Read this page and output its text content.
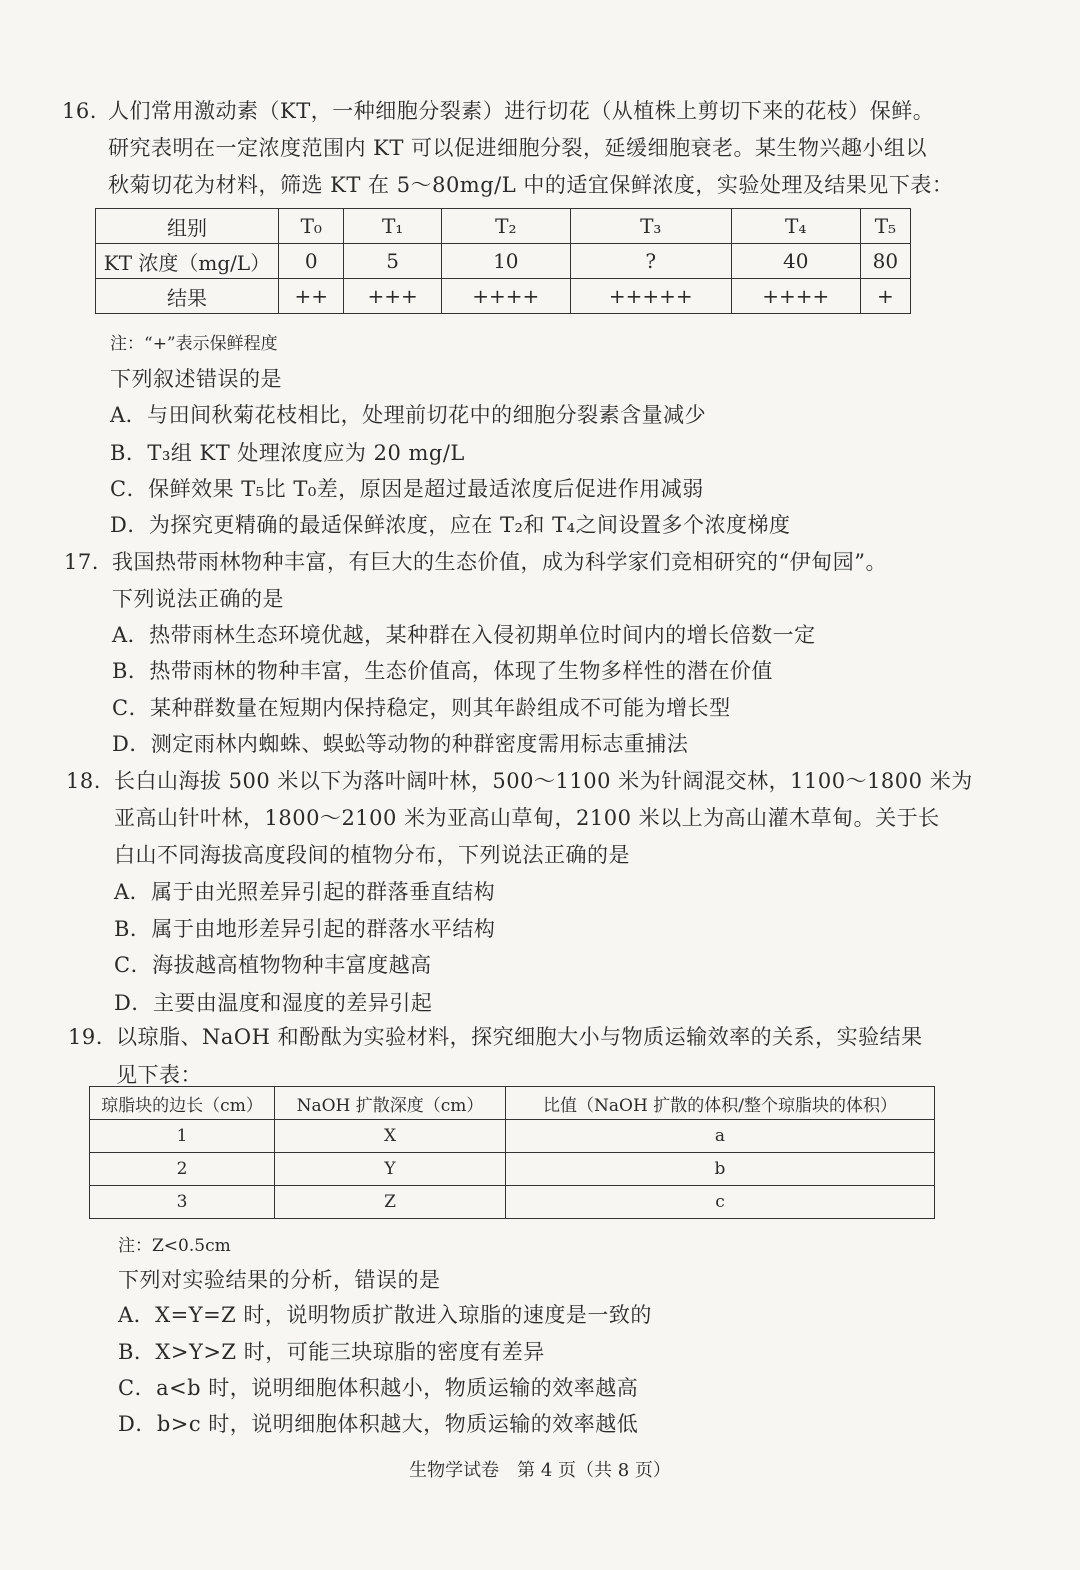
16. 人们常用激动素（KT，一种细胞分裂素）进行切花（从植株上剪切下来的花枝）保鲜。
研究表明在一定浓度范围内 KT 可以促进细胞分裂，延缓细胞衰老。某生物兴趣小组以
秋菊切花为材料，筛选 KT 在 5～80mg/L 中的适宜保鲜浓度，实验处理及结果见下表：
组别	T₀	T₁	T₂	T₃	T₄	T₅
KT 浓度（mg/L）	0	5	10	?	40	80
结果	++	+++	++++	+++++	++++	+
注：“+”表示保鲜程度
下列叙述错误的是
A．与田间秋菊花枝相比，处理前切花中的细胞分裂素含量减少
B．T₃组 KT 处理浓度应为 20 mg/L
C．保鲜效果 T₅比 T₀差，原因是超过最适浓度后促进作用减弱
D．为探究更精确的最适保鲜浓度，应在 T₂和 T₄之间设置多个浓度梯度
17. 我国热带雨林物种丰富，有巨大的生态价值，成为科学家们竞相研究的“伊甸园”。
下列说法正确的是
A．热带雨林生态环境优越，某种群在入侵初期单位时间内的增长倍数一定
B．热带雨林的物种丰富，生态价值高，体现了生物多样性的潜在价值
C．某种群数量在短期内保持稳定，则其年龄组成不可能为增长型
D．测定雨林内蜘蛛、蜈蚣等动物的种群密度需用标志重捕法
18. 长白山海拔 500 米以下为落叶阔叶林，500～1100 米为针阔混交林，1100～1800 米为
亚高山针叶林，1800～2100 米为亚高山草甸，2100 米以上为高山灌木草甸。关于长
白山不同海拔高度段间的植物分布，下列说法正确的是
A．属于由光照差异引起的群落垂直结构
B．属于由地形差异引起的群落水平结构
C．海拔越高植物物种丰富度越高
D．主要由温度和湿度的差异引起
19. 以琼脂、NaOH 和酚酞为实验材料，探究细胞大小与物质运输效率的关系，实验结果
见下表：
琼脂块的边长（cm）	NaOH 扩散深度（cm）	比值（NaOH 扩散的体积/整个琼脂块的体积）
1	X	a
2	Y	b
3	Z	c
注：Z<0.5cm
下列对实验结果的分析，错误的是
A．X=Y=Z 时，说明物质扩散进入琼脂的速度是一致的
B．X>Y>Z 时，可能三块琼脂的密度有差异
C．a<b 时，说明细胞体积越小，物质运输的效率越高
D．b>c 时，说明细胞体积越大，物质运输的效率越低
生物学试卷　第 4 页（共 8 页）
